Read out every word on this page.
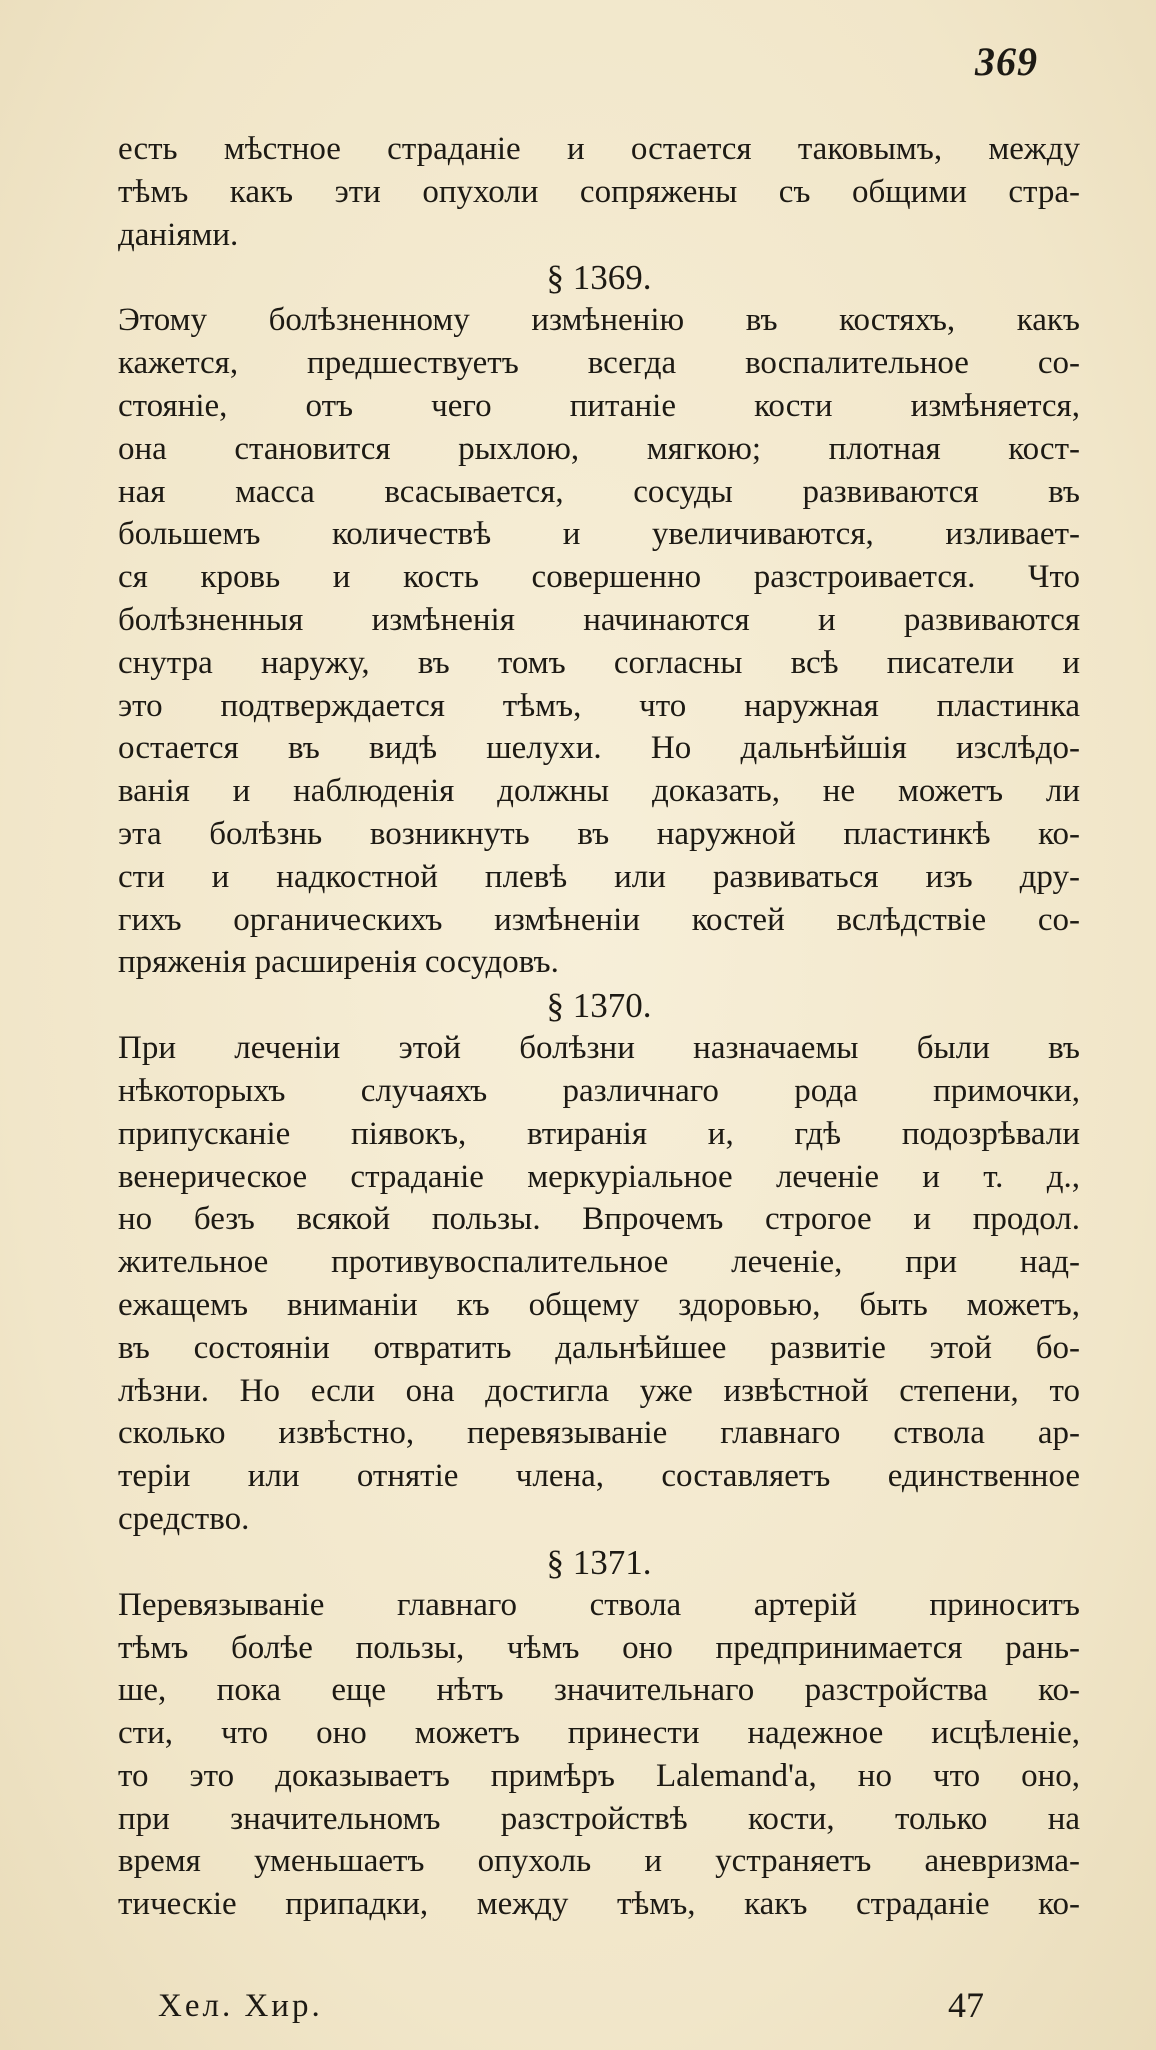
369
есть мѣстное страданіе и остается таковымъ, между
тѣмъ какъ эти опухоли сопряжены съ общими стра-
даніями.
§ 1369.
Этому болѣзненному измѣненію въ костяхъ, какъ
кажется, предшествуетъ всегда воспалительное со-
стояніе, отъ чего питаніе кости измѣняется,
она становится рыхлою, мягкою; плотная кост-
ная масса всасывается, сосуды развиваются въ
большемъ количествѣ и увеличиваются, изливает-
ся кровь и кость совершенно разстроивается. Что
болѣзненныя измѣненія начинаются и развиваются
снутра наружу, въ томъ согласны всѣ писатели и
это подтверждается тѣмъ, что наружная пластинка
остается въ видѣ шелухи. Но дальнѣйшія изслѣдо-
ванія и наблюденія должны доказать, не можетъ ли
эта болѣзнь возникнуть въ наружной пластинкѣ ко-
сти и надкостной плевѣ или развиваться изъ дру-
гихъ органическихъ измѣненіи костей вслѣдствіе со-
пряженія расширенія сосудовъ.
§ 1370.
При леченіи этой болѣзни назначаемы были въ
нѣкоторыхъ случаяхъ различнаго рода примочки,
припусканіе піявокъ, втиранія и, гдѣ подозрѣвали
венерическое страданіе меркуріальное леченіе и т. д.,
но безъ всякой пользы. Впрочемъ строгое и продол.
жительное противувоспалительное леченіе, при над-
ежащемъ вниманіи къ общему здоровью, быть можетъ,
въ состояніи отвратить дальнѣйшее развитіе этой бо-
лѣзни. Но если она достигла уже извѣстной степени, то
сколько извѣстно, перевязываніе главнаго ствола ар-
теріи или отнятіе члена, составляетъ единственное
средство.
§ 1371.
Перевязываніе главнаго ствола артерій приноситъ
тѣмъ болѣе пользы, чѣмъ оно предпринимается рань-
ше, пока еще нѣтъ значительнаго разстройства ко-
сти, что оно можетъ принести надежное исцѣленіе,
то это доказываетъ примѣръ Lalemand'а, но что оно,
при значительномъ разстройствѣ кости, только на
время уменьшаетъ опухоль и устраняетъ аневризма-
тическіе припадки, между тѣмъ, какъ страданіе ко-
Хел. Хир.	47
